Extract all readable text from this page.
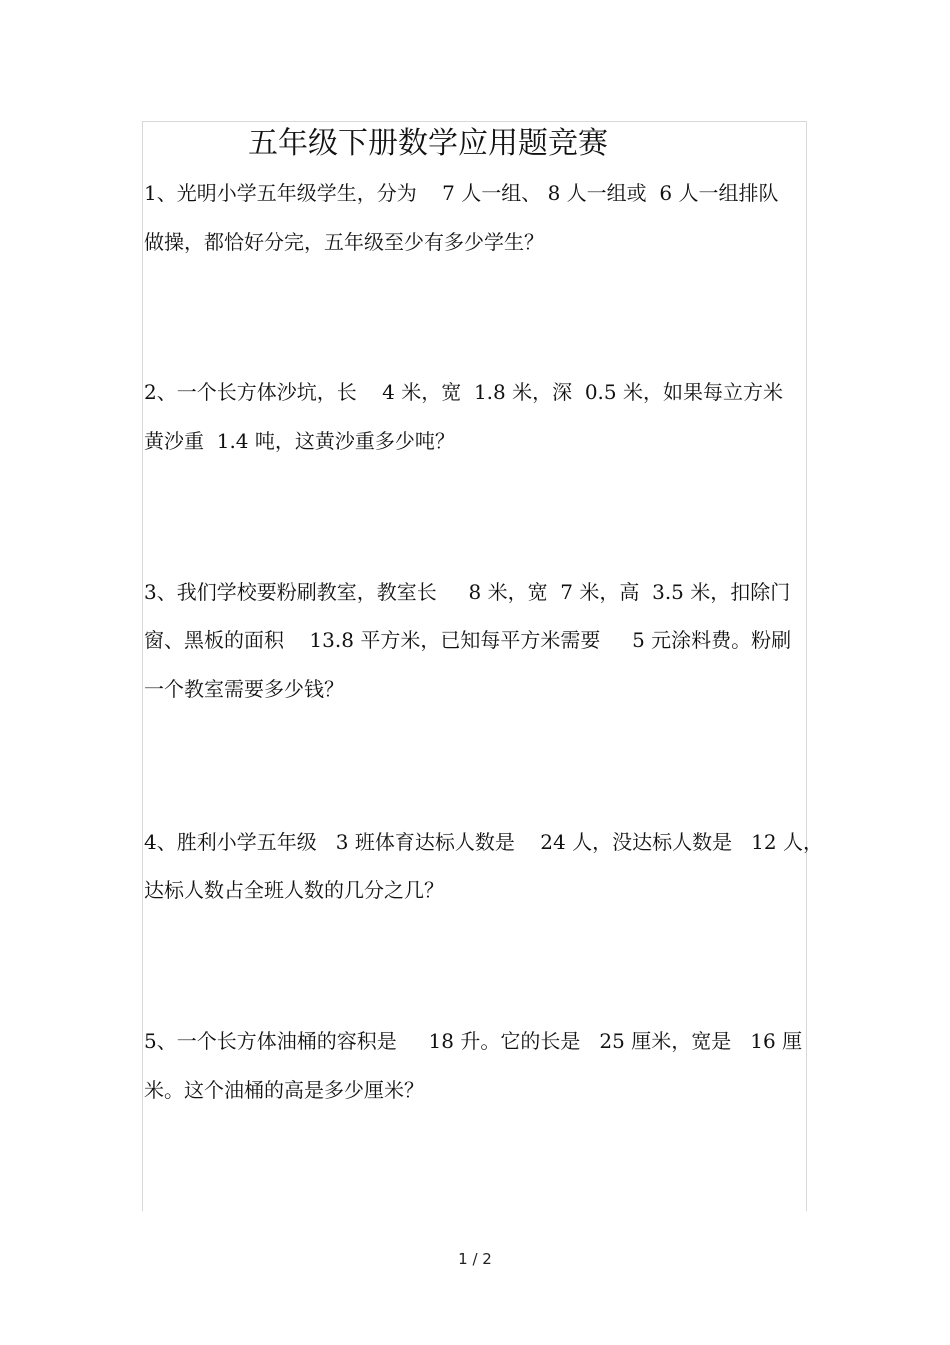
五年级下册数学应用题竞赛
1、光明小学五年级学生，分为    7 人一组、 8 人一组或  6 人一组排队
做操，都恰好分完，五年级至少有多少学生？
2、一个长方体沙坑，长    4 米，宽  1.8 米，深  0.5 米，如果每立方米
黄沙重  1.4 吨，这黄沙重多少吨？
3、我们学校要粉刷教室，教室长     8 米，宽  7 米，高  3.5 米，扣除门
窗、黑板的面积    13.8 平方米，已知每平方米需要     5 元涂料费。粉刷
一个教室需要多少钱？
4、胜利小学五年级   3 班体育达标人数是    24 人，没达标人数是   12 人，
达标人数占全班人数的几分之几？
5、一个长方体油桶的容积是     18 升。它的长是   25 厘米，宽是   16 厘
米。这个油桶的高是多少厘米？
1 / 2
